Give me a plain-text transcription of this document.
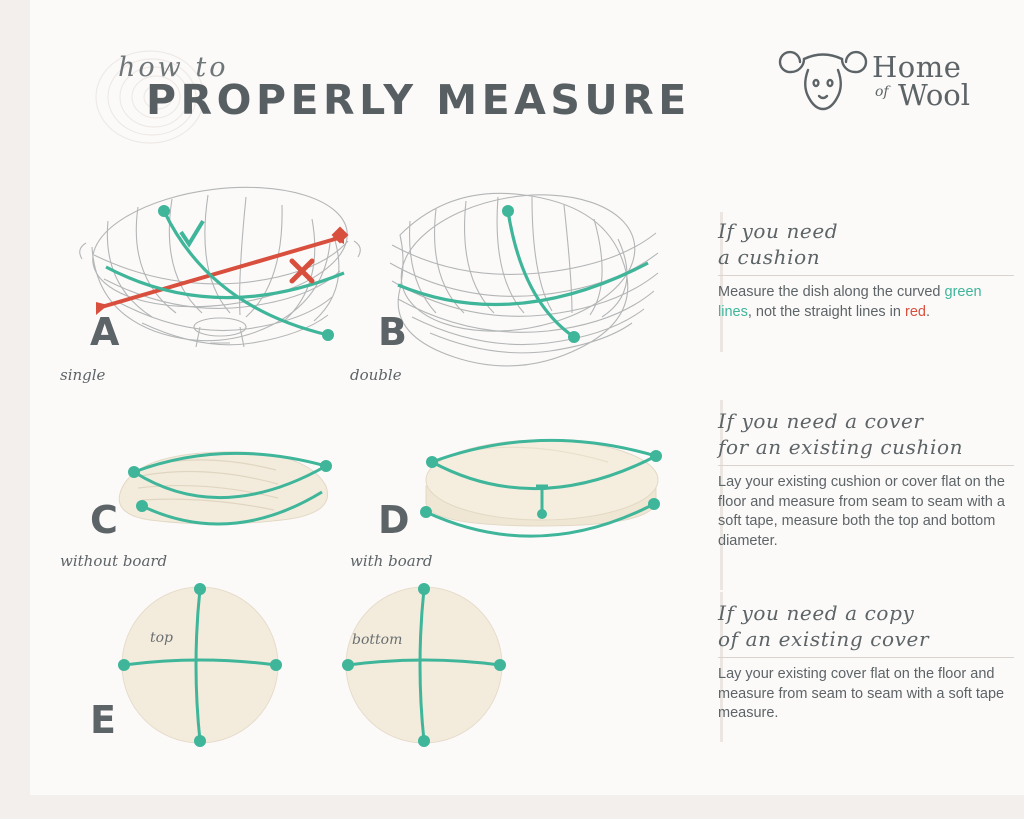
how to
PROPERLY MEASURE
Home
of Wool
A
single
B
double
C
without board
D
with board
E
top	bottom
If you need
a cushion
Measure the dish along the curved green lines, not the straight lines in red.
If you need a cover
for an existing cushion
Lay your existing cushion or cover flat on the floor and measure from seam to seam with a soft tape, measure both the top and bottom diameter.
If you need a copy
of an existing cover
Lay your existing cover flat on the floor and measure from seam to seam with a soft tape measure.
